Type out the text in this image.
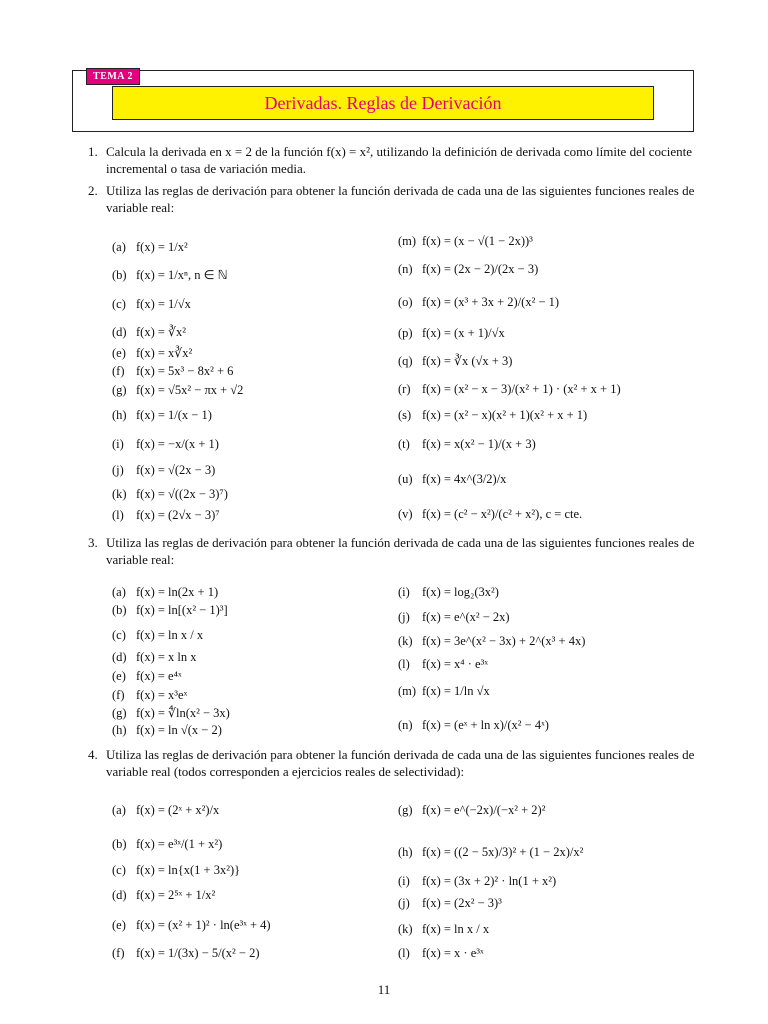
TEMA 2
Derivadas. Reglas de Derivación
1. Calcula la derivada en x = 2 de la función f(x) = x², utilizando la definición de derivada como límite del cociente incremental o tasa de variación media.
2. Utiliza las reglas de derivación para obtener la función derivada de cada una de las siguientes funciones reales de variable real:
3. Utiliza las reglas de derivación para obtener la función derivada de cada una de las siguientes funciones reales de variable real:
4. Utiliza las reglas de derivación para obtener la función derivada de cada una de las siguientes funciones reales de variable real (todos corresponden a ejercicios reales de selectividad):
11
(a) f(x) = 1/x²
(b) f(x) = 1/xⁿ, n ∈ ℕ
(c) f(x) = 1/√x
(d) f(x) = ∛x²
(e) f(x) = x∛x²
(f) f(x) = 5x³ − 8x² + 6
(g) f(x) = √5x² − πx + √2
(h) f(x) = 1/(x − 1)
(i) f(x) = −x/(x + 1)
(j) f(x) = √(2x − 3)
(k) f(x) = √((2x − 3)⁷)
(l) f(x) = (2√x − 3)⁷
(m) f(x) = (x − √(1 − 2x))³
(n) f(x) = (2x − 2)/(2x − 3)
(o) f(x) = (x³ + 3x + 2)/(x² − 1)
(p) f(x) = (x + 1)/√x
(q) f(x) = ∛x (√x + 3)
(r) f(x) = (x² − x − 3)/(x² + 1) · (x² + x + 1)
(s) f(x) = (x² − x)(x² + 1)(x² + x + 1)
(t) f(x) = x(x² − 1)/(x + 3)
(u) f(x) = 4x^(3/2)/x
(v) f(x) = (c² − x²)/(c² + x²), c = cte.
(a) f(x) = ln(2x + 1)
(b) f(x) = ln[(x² − 1)³]
(c) f(x) = ln x / x
(d) f(x) = x ln x
(e) f(x) = e⁴ˣ
(f) f(x) = x³eˣ
(g) f(x) = ∜ln(x² − 3x)
(h) f(x) = ln √(x − 2)
(i) f(x) = log₂(3x²)
(j) f(x) = e^(x² − 2x)
(k) f(x) = 3e^(x² − 3x) + 2^(x³ + 4x)
(l) f(x) = x⁴ · e³ˣ
(m) f(x) = 1/ln √x
(n) f(x) = (eˣ + ln x)/(x² − 4ˣ)
(a) f(x) = (2ˣ + x²)/x
(b) f(x) = e³ˣ/(1 + x²)
(c) f(x) = ln{x(1 + 3x²)}
(d) f(x) = 2⁵ˣ + 1/x²
(e) f(x) = (x² + 1)² · ln(e³ˣ + 4)
(f) f(x) = 1/(3x) − 5/(x² − 2)
(g) f(x) = e^(−2x)/(−x² + 2)²
(h) f(x) = ((2 − 5x)/3)² + (1 − 2x)/x²
(i) f(x) = (3x + 2)² · ln(1 + x²)
(j) f(x) = (2x² − 3)³
(k) f(x) = ln x / x
(l) f(x) = x · e³ˣ
